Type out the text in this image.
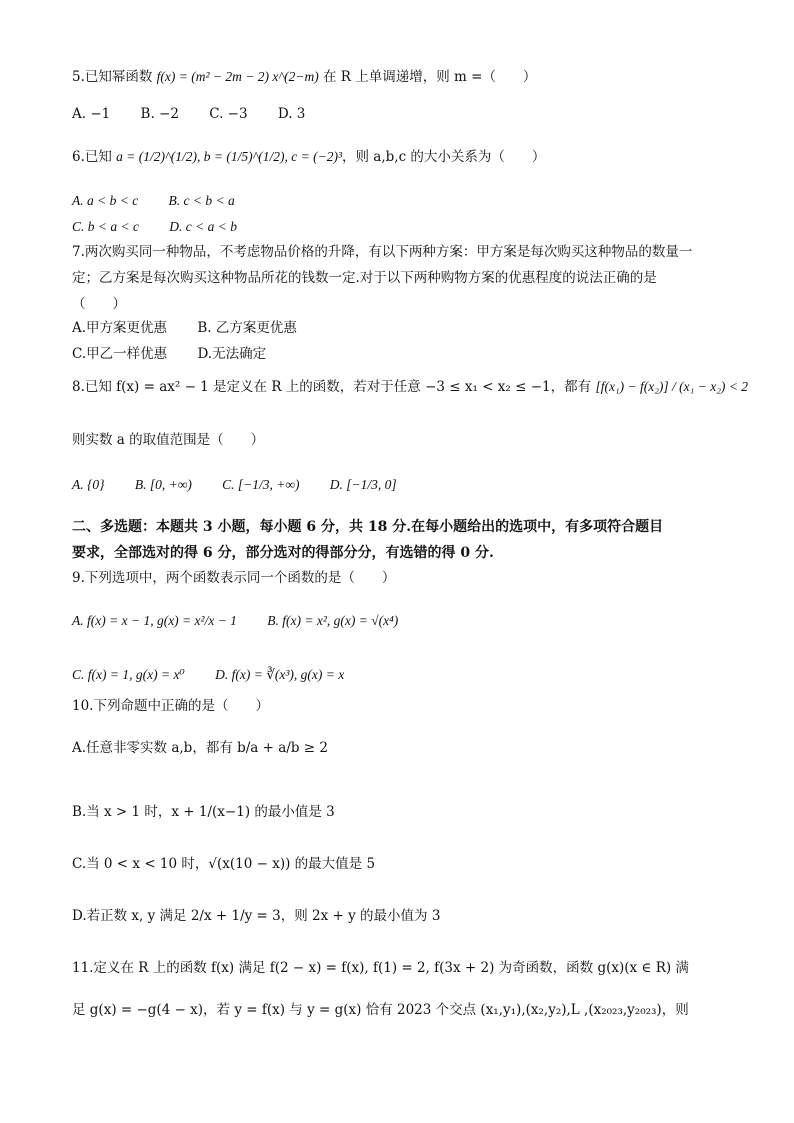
5.已知幂函数 f(x) = (m² − 2m − 2) x^(2−m) 在 R 上单调递增，则 m =（　　）
A. −1 B. −2 C. −3 D. 3
6.已知 a = (1/2)^(1/2), b = (1/5)^(1/2), c = (−2)³，则 a,b,c 的大小关系为（　　）
A. a < b < c B. c < b < a
C. b < a < c D. c < a < b
7.两次购买同一种物品，不考虑物品价格的升降，有以下两种方案：甲方案是每次购买这种物品的数量一
定；乙方案是每次购买这种物品所花的钱数一定.对于以下两种购物方案的优惠程度的说法正确的是
（　　）
A.甲方案更优惠 B. 乙方案更优惠
C.甲乙一样优惠 D.无法确定
8.已知 f(x) = ax² − 1 是定义在 R 上的函数，若对于任意 −3 ≤ x₁ < x₂ ≤ −1，都有 [f(x₁) − f(x₂)] / (x₁ − x₂) < 2
则实数 a 的取值范围是（　　）
A. {0} B. [0, +∞) C. [−1/3, +∞) D. [−1/3, 0]
二、多选题：本题共 3 小题，每小题 6 分，共 18 分.在每小题给出的选项中，有多项符合题目
要求，全部选对的得 6 分，部分选对的得部分分，有选错的得 0 分.
9.下列选项中，两个函数表示同一个函数的是（　　）
A. f(x) = x − 1, g(x) = x²/x − 1 B. f(x) = x², g(x) = √(x⁴)
C. f(x) = 1, g(x) = x⁰ D. f(x) = ∛(x³), g(x) = x
10.下列命题中正确的是（　　）
A.任意非零实数 a,b，都有 b/a + a/b ≥ 2
B.当 x > 1 时，x + 1/(x−1) 的最小值是 3
C.当 0 < x < 10 时，√(x(10 − x)) 的最大值是 5
D.若正数 x, y 满足 2/x + 1/y = 3，则 2x + y 的最小值为 3
11.定义在 R 上的函数 f(x) 满足 f(2 − x) = f(x), f(1) = 2, f(3x + 2) 为奇函数，函数 g(x)(x ∈ R) 满
足 g(x) = −g(4 − x)，若 y = f(x) 与 y = g(x) 恰有 2023 个交点 (x₁,y₁),(x₂,y₂),L ,(x₂₀₂₃,y₂₀₂₃)，则
